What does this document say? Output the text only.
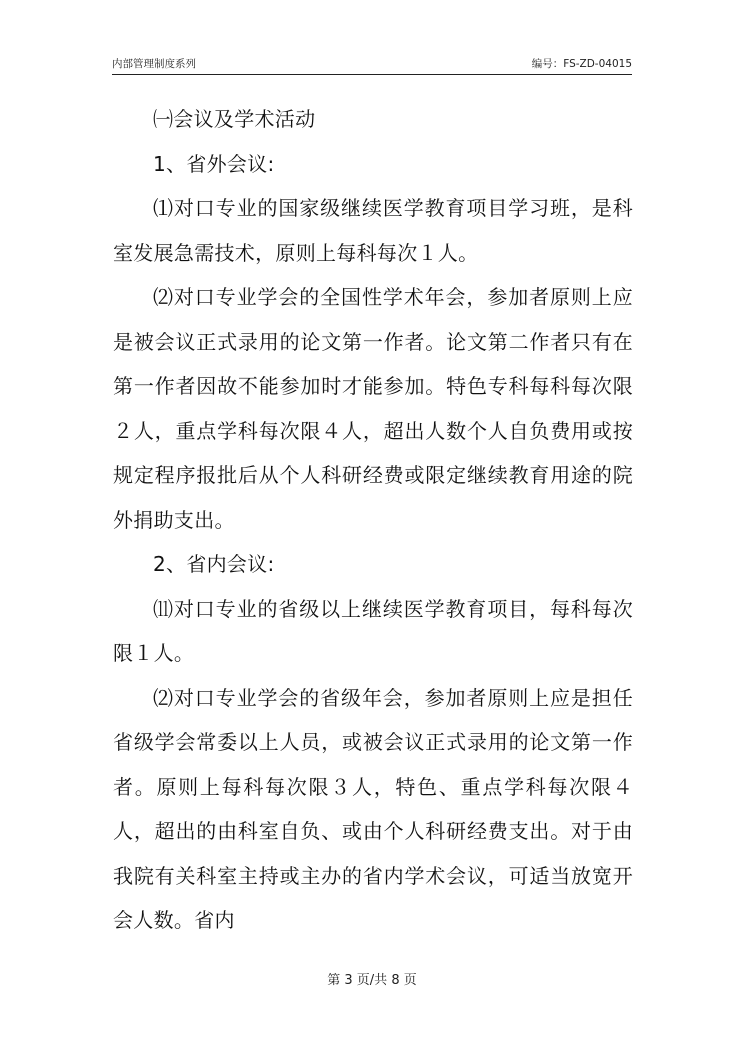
内部管理制度系列	编号：FS-ZD-04015

㈠会议及学术活动

1、省外会议:

⑴对口专业的国家级继续医学教育项目学习班，是科室发展急需技术，原则上每科每次１人。

⑵对口专业学会的全国性学术年会，参加者原则上应是被会议正式录用的论文第一作者。论文第二作者只有在第一作者因故不能参加时才能参加。特色专科每科每次限２人，重点学科每次限４人，超出人数个人自负费用或按规定程序报批后从个人科研经费或限定继续教育用途的院外捐助支出。

2、省内会议:

⑾对口专业的省级以上继续医学教育项目，每科每次限１人。

⑵对口专业学会的省级年会，参加者原则上应是担任省级学会常委以上人员，或被会议正式录用的论文第一作者。原则上每科每次限３人，特色、重点学科每次限４人，超出的由科室自负、或由个人科研经费支出。对于由我院有关科室主持或主办的省内学术会议，可适当放宽开会人数。省内

第 3 页/共 8 页
